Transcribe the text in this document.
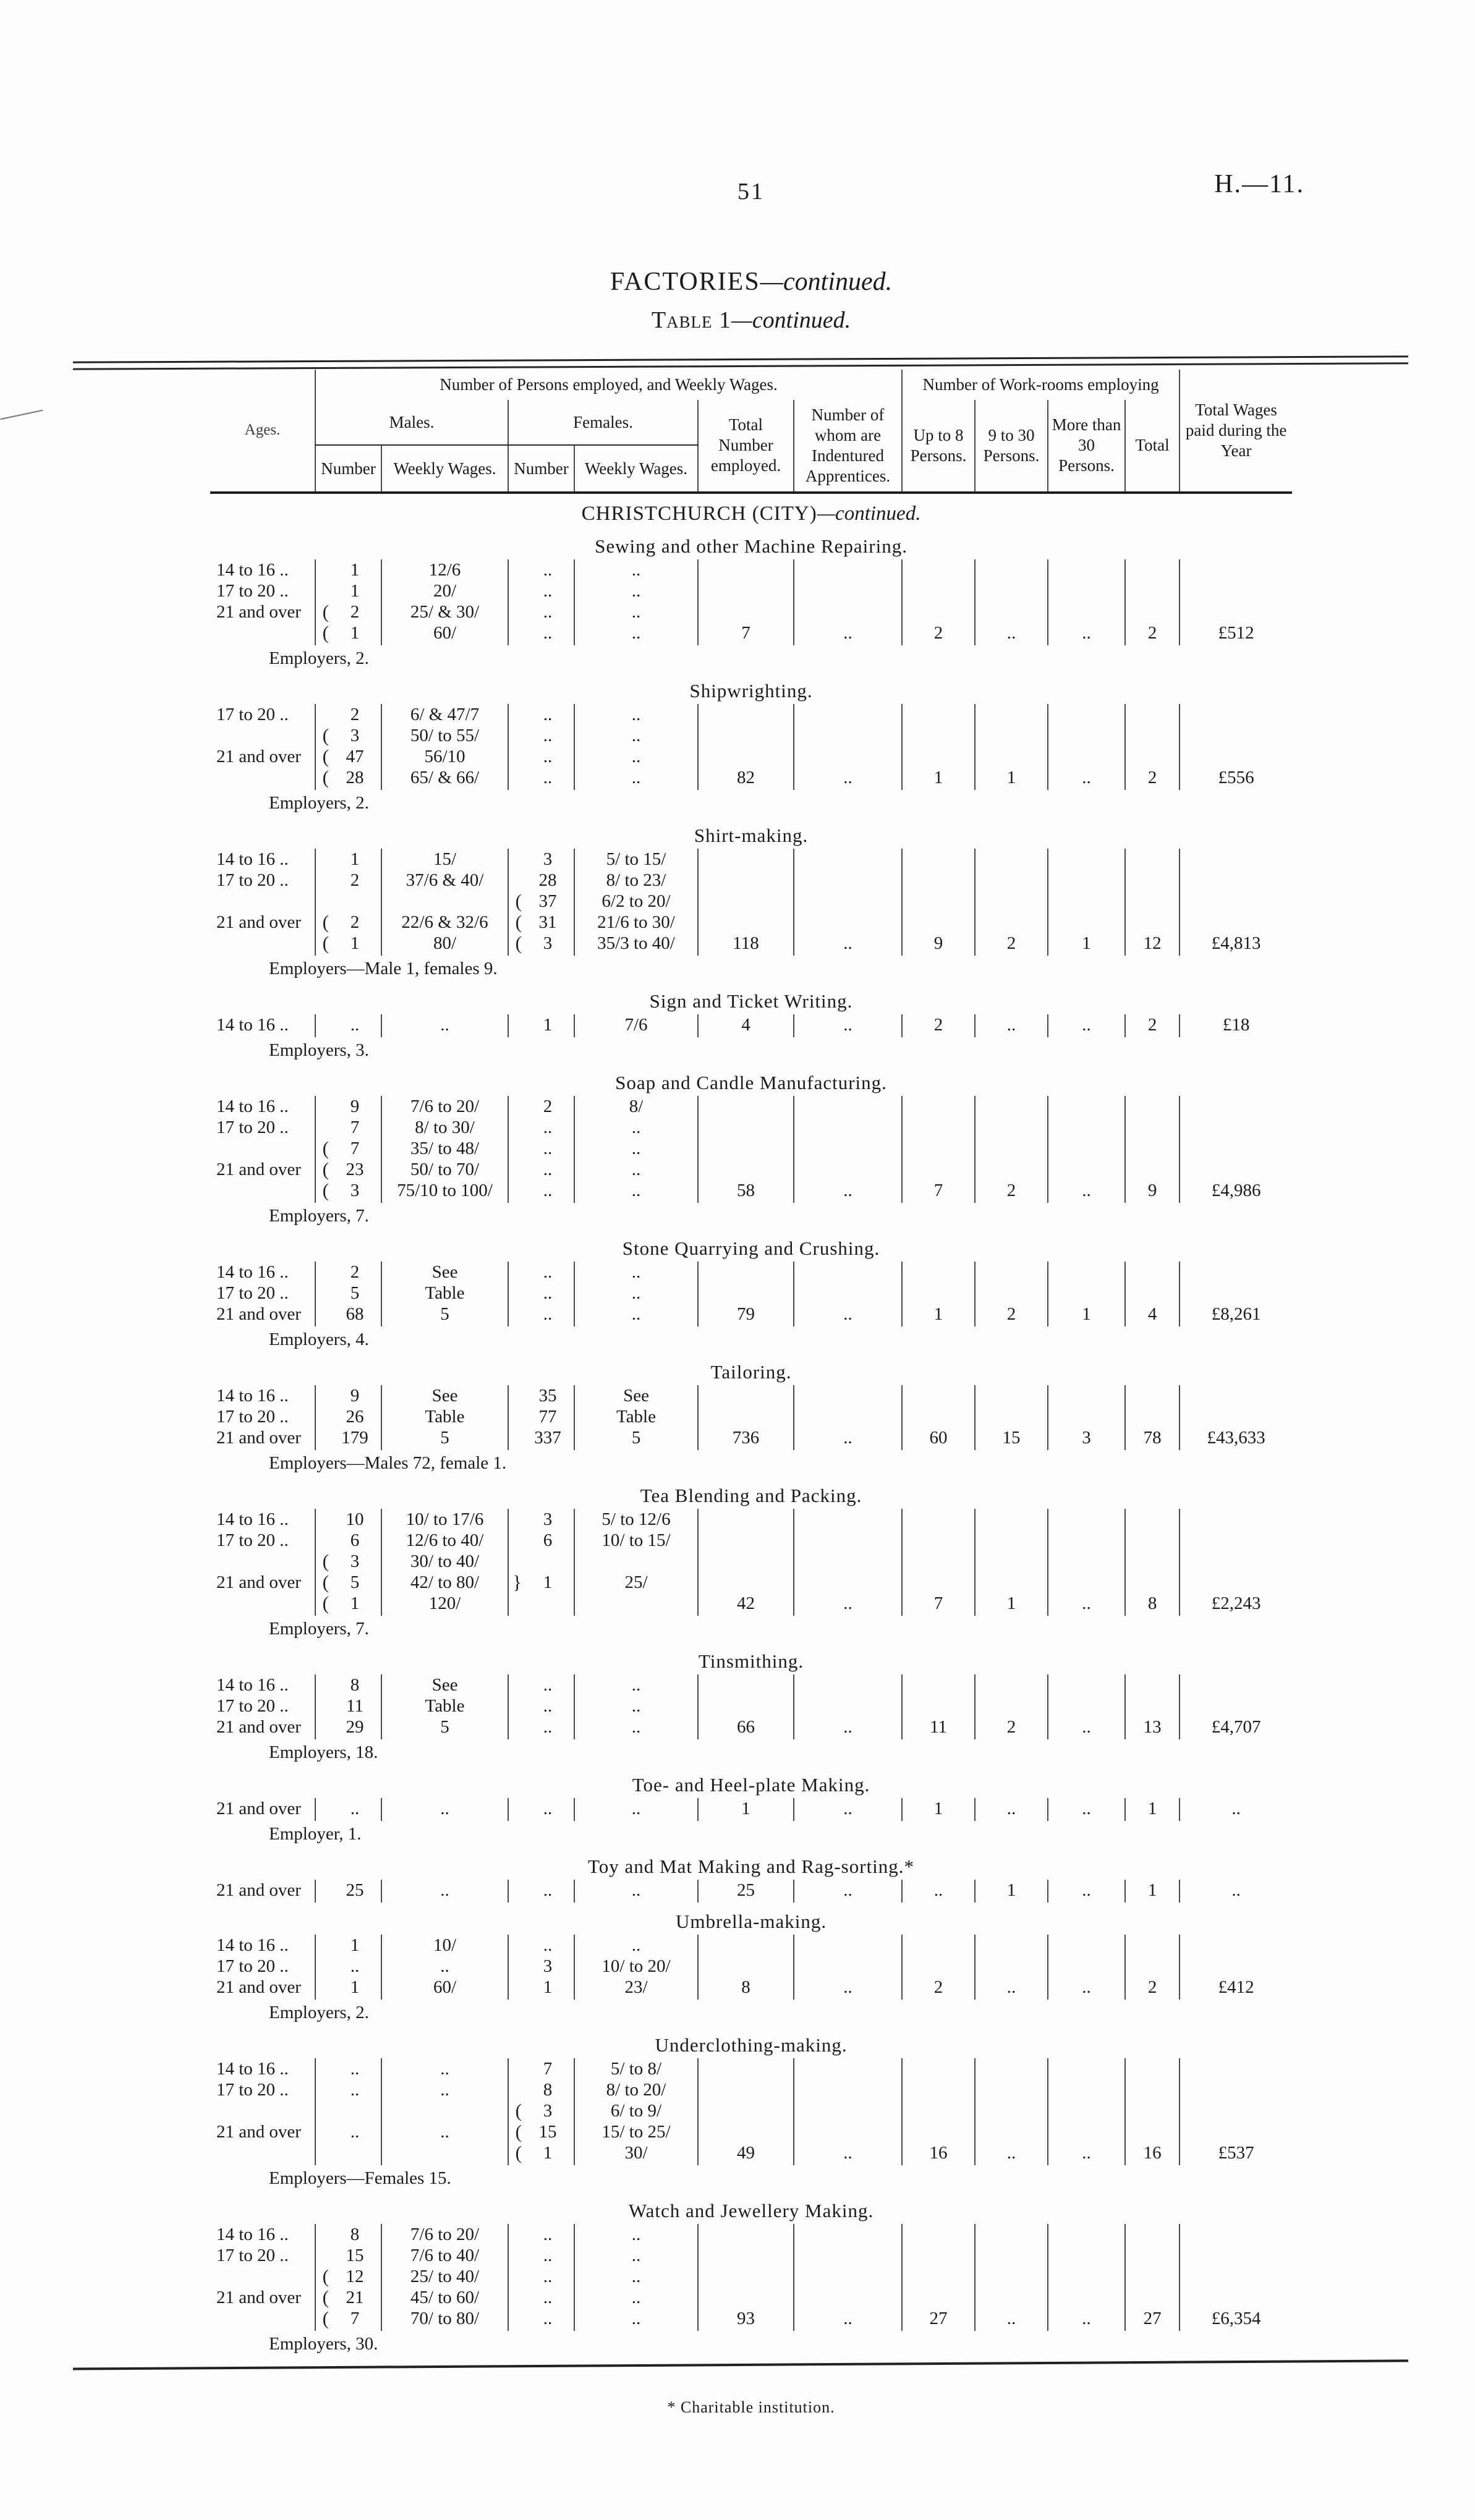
51	H.—11.
FACTORIES—continued.
Table 1—continued.
Ages.	Number of Persons employed, and Weekly Wages.								Number of Work-rooms employing				Total Wages paid during the Year
	Males.			Females.			Total Number employed.	Number of whom are Indentured Apprentices.	Up to 8 Persons.	9 to 30 Persons.	More than 30 Persons.	Total	
	Number		Weekly Wages.	Number		Weekly Wages.							
CHRISTCHURCH (CITY)—continued.													
Sewing and other Machine Repairing.													
14 to 16 ..		1	12/6		..	..							
17 to 20 ..		1	20/		..	..							
21 and over	(	2	25/ & 30/		..	..							
	(	1	60/		..	..	7	..	2	..	..	2	£512
Employers, 2.													
Shipwrighting.													
17 to 20 ..		2	6/ & 47/7		..	..							
	(	3	50/ to 55/		..	..							
21 and over	(	47	56/10		..	..							
	(	28	65/ & 66/		..	..	82	..	1	1	..	2	£556
Employers, 2.													
Shirt-making.													
14 to 16 ..		1	15/		3	5/ to 15/							
17 to 20 ..		2	37/6 & 40/		28	8/ to 23/							
				(	37	6/2 to 20/							
21 and over	(	2	22/6 & 32/6	(	31	21/6 to 30/							
	(	1	80/	(	3	35/3 to 40/	118	..	9	2	1	12	£4,813
Employers—Male 1, females 9.													
Sign and Ticket Writing.													
14 to 16 ..		..	..		1	7/6	4	..	2	..	..	2	£18
Employers, 3.													
Soap and Candle Manufacturing.													
14 to 16 ..		9	7/6 to 20/		2	8/							
17 to 20 ..		7	8/ to 30/		..	..							
	(	7	35/ to 48/		..	..							
21 and over	(	23	50/ to 70/		..	..							
	(	3	75/10 to 100/		..	..	58	..	7	2	..	9	£4,986
Employers, 7.													
Stone Quarrying and Crushing.													
14 to 16 ..		2	See		..	..							
17 to 20 ..		5	Table		..	..							
21 and over		68	5		..	..	79	..	1	2	1	4	£8,261
Employers, 4.													
Tailoring.													
14 to 16 ..		9	See		35	See							
17 to 20 ..		26	Table		77	Table							
21 and over		179	5		337	5	736	..	60	15	3	78	£43,633
Employers—Males 72, female 1.													
Tea Blending and Packing.													
14 to 16 ..		10	10/ to 17/6		3	5/ to 12/6							
17 to 20 ..		6	12/6 to 40/		6	10/ to 15/							
	(	3	30/ to 40/										
21 and over	(	5	42/ to 80/	}	1	25/							
	(	1	120/				42	..	7	1	..	8	£2,243
Employers, 7.													
Tinsmithing.													
14 to 16 ..		8	See		..	..							
17 to 20 ..		11	Table		..	..							
21 and over		29	5		..	..	66	..	11	2	..	13	£4,707
Employers, 18.													
Toe- and Heel-plate Making.													
21 and over		..	..		..	..	1	..	1	..	..	1	..
Employer, 1.													
Toy and Mat Making and Rag-sorting.*													
21 and over		25	..		..	..	25	..	..	1	..	1	..
Umbrella-making.													
14 to 16 ..		1	10/		..	..							
17 to 20 ..		..	..		3	10/ to 20/							
21 and over		1	60/		1	23/	8	..	2	..	..	2	£412
Employers, 2.													
Underclothing-making.													
14 to 16 ..		..	..		7	5/ to 8/							
17 to 20 ..		..	..		8	8/ to 20/							
				(	3	6/ to 9/							
21 and over		..	..	(	15	15/ to 25/							
				(	1	30/	49	..	16	..	..	16	£537
Employers—Females 15.													
Watch and Jewellery Making.													
14 to 16 ..		8	7/6 to 20/		..	..							
17 to 20 ..		15	7/6 to 40/		..	..							
	(	12	25/ to 40/		..	..							
21 and over	(	21	45/ to 60/		..	..							
	(	7	70/ to 80/		..	..	93	..	27	..	..	27	£6,354
Employers, 30.													
* Charitable institution.
